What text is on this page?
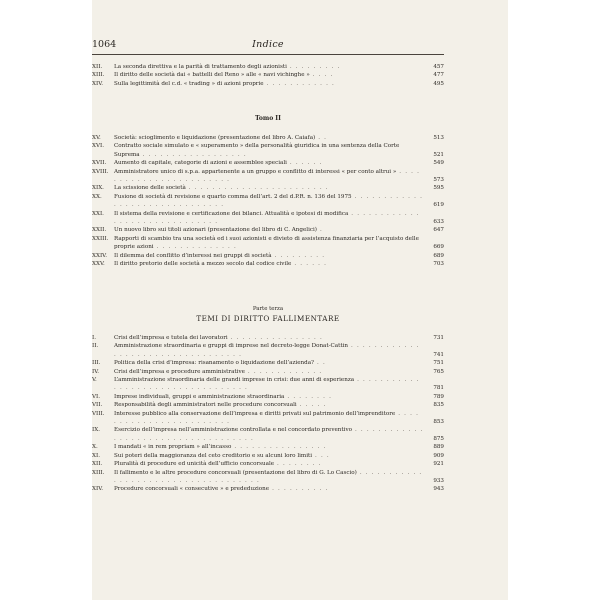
1064	Indice
XII. La seconda direttiva e la parità di trattamento degli azionisti . . . . . . . . .	457
XIII. Il diritto delle società dai « battelli del Reno » alle « navi vichinghe » . . . .	477
XIV. Sulla legittimità del c.d. « trading » di azioni proprie . . . . . . . . . . . .	495
Tomo II
XV. Società: scioglimento e liquidazione (presentazione del libro A. Caiafa) . .	513
XVI. Contratto sociale simulato e « superamento » della personalità giuridica in una sentenza della Corte Suprema . . . . . . . . . . . . . . . . . .	521
XVII. Aumento di capitale, categorie di azioni e assemblee speciali . . . . . .	549
XVIII. Amministratore unico di s.p.a. appartenente a un gruppo e conflitto di interessi « per conto altrui » . . . . . . . . . . . . . . . . . . . . . . . .	573
XIX. La scissione delle società . . . . . . . . . . . . . . . . . . . . . . . .	595
XX. Fusione di società di revisione e quarto comma dell’art. 2 del d.P.R. n. 136 del 1975 . . . . . . . . . . . . . . . . . . . . . . . . . . . . . . .	619
XXI. Il sistema della revisione e certificazione dei bilanci. Attualità e ipotesi di modifica . . . . . . . . . . . . . . . . . . . . . . . . . . . . . .	633
XXII. Un nuovo libro sui titoli azionari (presentazione del libro di C. Angelici) .	647
XXIII. Rapporti di scambio tra una società ed i suoi azionisti e divieto di assistenza finanziaria per l’acquisto delle proprie azioni . . . . . . . . . . . . . .	669
XXIV. Il dilemma del conflitto d’interessi nei gruppi di società . . . . . . . . .	689
XXV. Il diritto pretorio delle società a mezzo secolo dal codice civile . . . . . .	703
Parte terza
TEMI DI DIRITTO FALLIMENTARE
I.	Crisi dell’impresa e tutela dei lavoratori . . . . . . . . . . . . . . . .	731
II.	Amministrazione straordinaria e gruppi di imprese nel decreto-legge Donat-Cattin . . . . . . . . . . . . . . . . . . . . . . . . . . . . . . . . . .	741
III. Politica della crisi d’impresa: risanamento o liquidazione dell’azienda? . .	751
IV.	Crisi dell’impresa e procedure amministrative . . . . . . . . . . . . .	765
V.	L’amministrazione straordinaria delle grandi imprese in crisi: due anni di esperienza . . . . . . . . . . . . . . . . . . . . . . . . . . . . . . . . . .	781
VI. Imprese individuali, gruppi e amministrazione straordinaria . . . . . . . .	789
VII. Responsabilità degli amministratori nelle procedure concorsuali . . . . .	835
VIII. Interesse pubblico alla conservazione dell’impresa e diritti privati sul patrimonio dell’imprenditore . . . . . . . . . . . . . . . . . . . . . . . .	853
IX.	Esercizio dell’impresa nell’amministrazione controllata e nel concordato preventivo . . . . . . . . . . . . . . . . . . . . . . . . . . . . . . . . . . . .	875
X.	I mandati « in rem propriam » all’incasso . . . . . . . . . . . . . . . .	889
XI.	Sui poteri della maggioranza del ceto creditorio e su alcuni loro limiti . . .	909
XII. Pluralità di procedure ed unicità dell’ufficio concorsuale . . . . . . . .	921
XIII. Il fallimento e le altre procedure concorsuali (presentazione del libro di G. Lo Cascio) . . . . . . . . . . . . . . . . . . . . . . . . . . . . . . . . . . . .	933
XIV. Procedure concorsuali « consecutive » e prededuzione . . . . . . . . . .	943
